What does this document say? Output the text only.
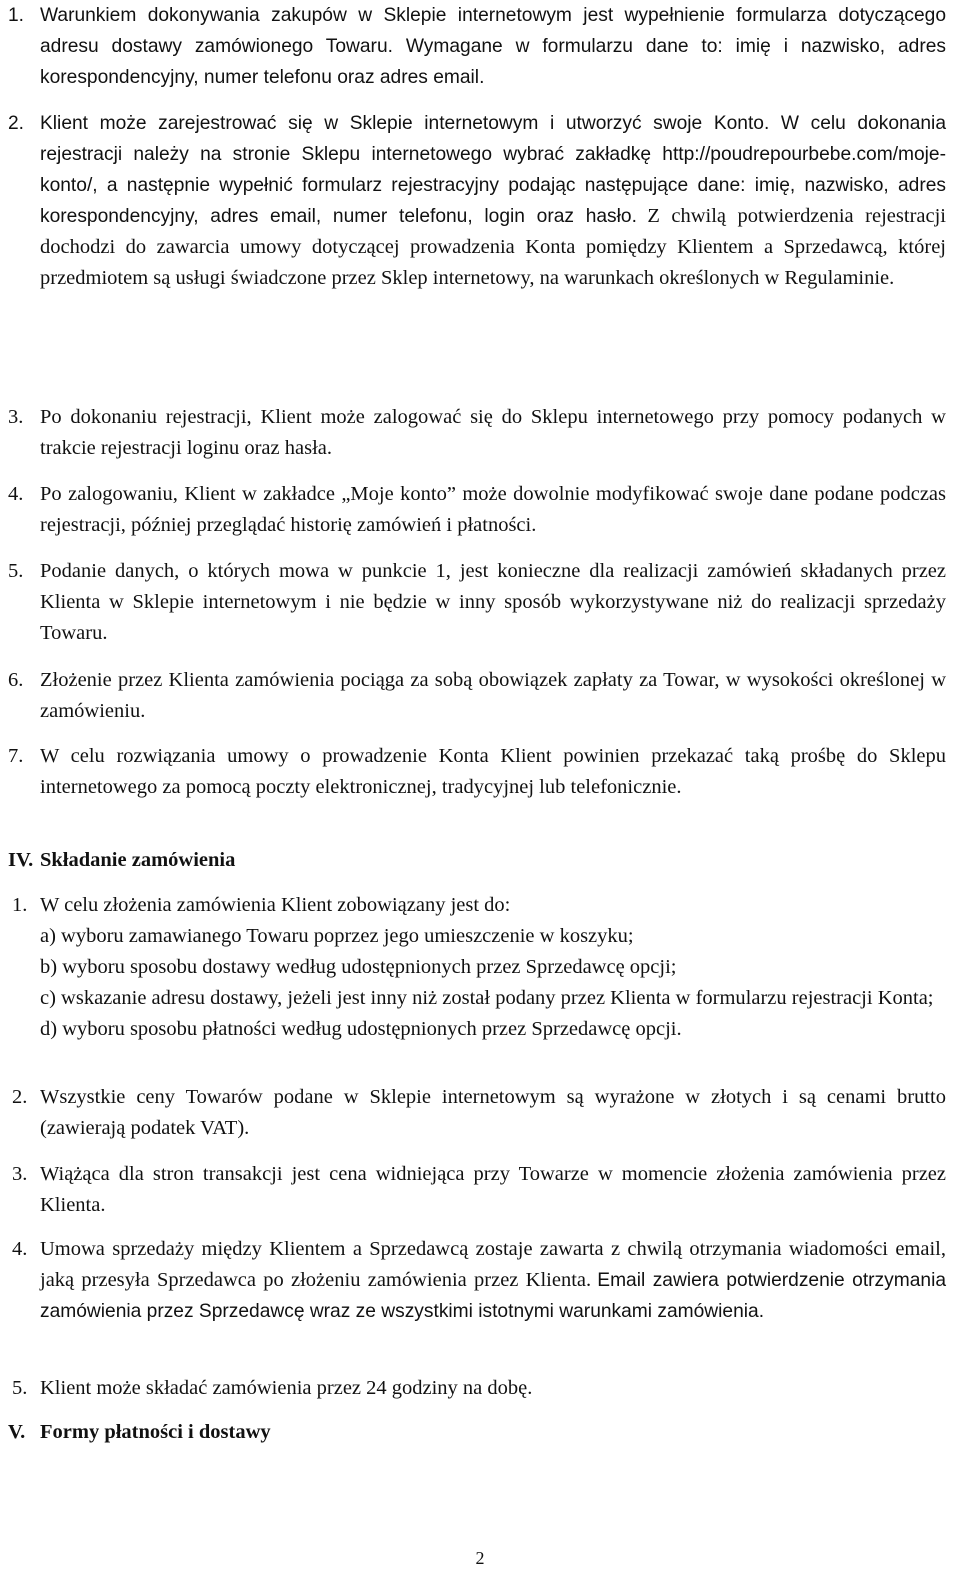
1. Warunkiem dokonywania zakupów w Sklepie internetowym jest wypełnienie formularza dotyczącego adresu dostawy zamówionego Towaru. Wymagane w formularzu dane to: imię i nazwisko, adres korespondencyjny, numer telefonu oraz adres email.
2. Klient może zarejestrować się w Sklepie internetowym i utworzyć swoje Konto. W celu dokonania rejestracji należy na stronie Sklepu internetowego wybrać zakładkę http://poudrepourbebe.com/moje-konto/, a następnie wypełnić formularz rejestracyjny podając następujące dane: imię, nazwisko, adres korespondencyjny, adres email, numer telefonu, login oraz hasło. Z chwilą potwierdzenia rejestracji dochodzi do zawarcia umowy dotyczącej prowadzenia Konta pomiędzy Klientem a Sprzedawcą, której przedmiotem są usługi świadczone przez Sklep internetowy, na warunkach określonych w Regulaminie.
3. Po dokonaniu rejestracji, Klient może zalogować się do Sklepu internetowego przy pomocy podanych w trakcie rejestracji loginu oraz hasła.
4. Po zalogowaniu, Klient w zakładce „Moje konto” może dowolnie modyfikować swoje dane podane podczas rejestracji, później przeglądać historię zamówień i płatności.
5. Podanie danych, o których mowa w punkcie 1, jest konieczne dla realizacji zamówień składanych przez Klienta w Sklepie internetowym i nie będzie w inny sposób wykorzystywane niż do realizacji sprzedaży Towaru.
6. Złożenie przez Klienta zamówienia pociąga za sobą obowiązek zapłaty za Towar, w wysokości określonej w zamówieniu.
7. W celu rozwiązania umowy o prowadzenie Konta Klient powinien przekazać taką prośbę do Sklepu internetowego za pomocą poczty elektronicznej, tradycyjnej lub telefonicznie.
IV. Składanie zamówienia
1. W celu złożenia zamówienia Klient zobowiązany jest do:
a) wyboru zamawianego Towaru poprzez jego umieszczenie w koszyku;
b) wyboru sposobu dostawy według udostępnionych przez Sprzedawcę opcji;
c) wskazanie adresu dostawy, jeżeli jest inny niż został podany przez Klienta w formularzu rejestracji Konta;
d) wyboru sposobu płatności według udostępnionych przez Sprzedawcę opcji.
2. Wszystkie ceny Towarów podane w Sklepie internetowym są wyrażone w złotych i są cenami brutto (zawierają podatek VAT).
3. Wiążąca dla stron transakcji jest cena widniejąca przy Towarze w momencie złożenia zamówienia przez Klienta.
4. Umowa sprzedaży między Klientem a Sprzedawcą zostaje zawarta z chwilą otrzymania wiadomości email, jaką przesyła Sprzedawca po złożeniu zamówienia przez Klienta. Email zawiera potwierdzenie otrzymania zamówienia przez Sprzedawcę wraz ze wszystkimi istotnymi warunkami zamówienia.
5. Klient może składać zamówienia przez 24 godziny na dobę.
V. Formy płatności i dostawy
2
